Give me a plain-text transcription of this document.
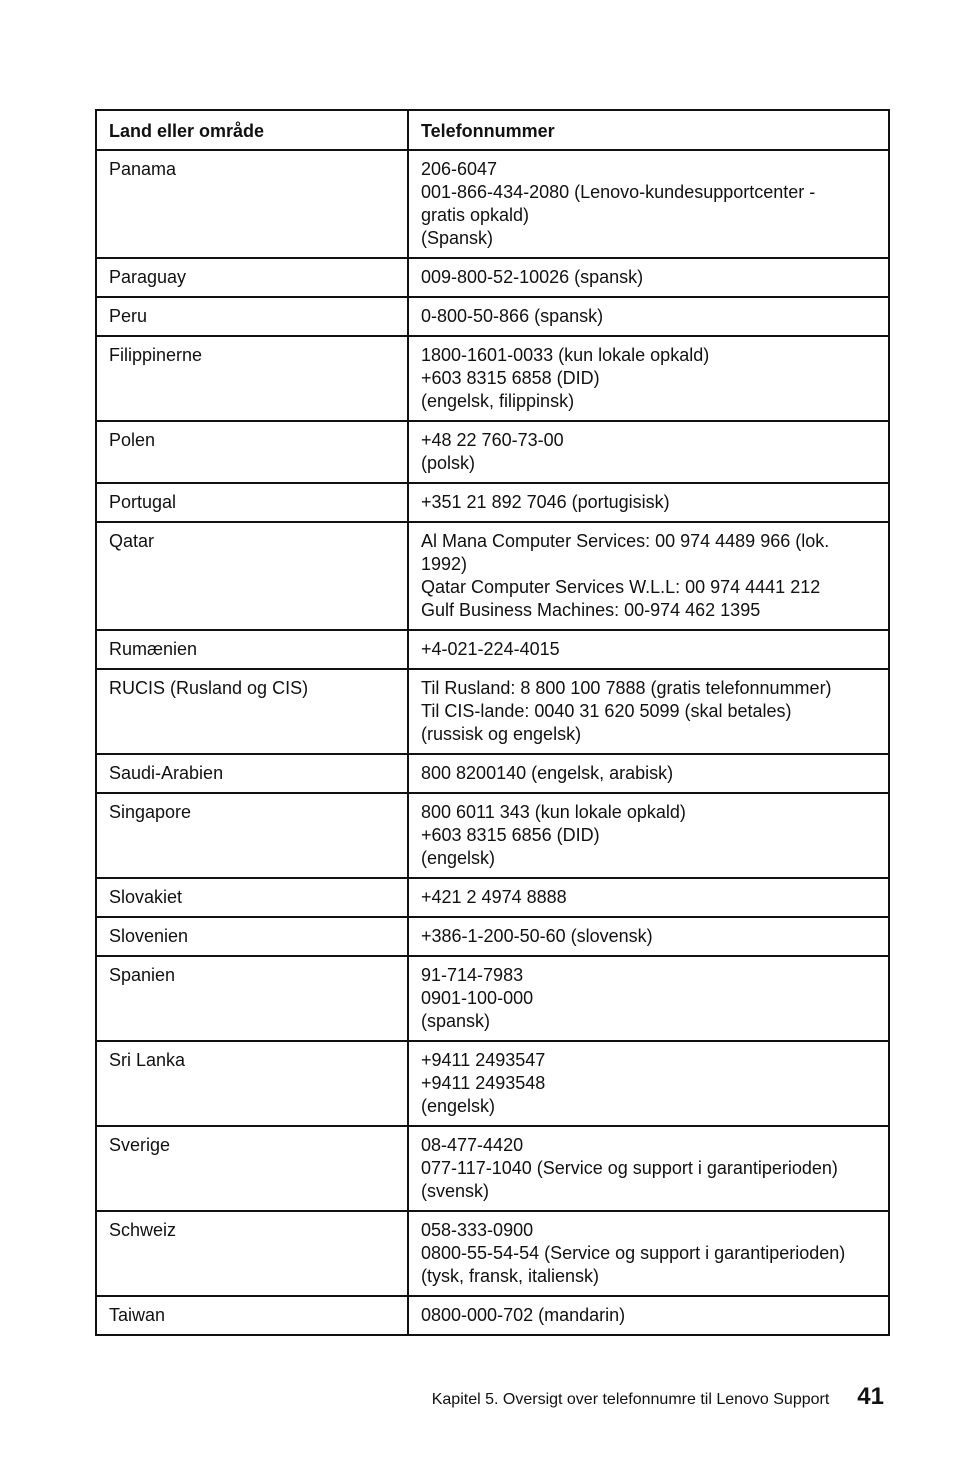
Land eller område	Telefonnummer
Panama	206-6047
001-866-434-2080 (Lenovo-kundesupportcenter -
gratis opkald)
(Spansk)

Paraguay	009-800-52-10026 (spansk)

Peru	0-800-50-866 (spansk)

Filippinerne	1800-1601-0033 (kun lokale opkald)
+603 8315 6858 (DID)
(engelsk, filippinsk)

Polen	+48 22 760-73-00
(polsk)

Portugal	+351 21 892 7046 (portugisisk)

Qatar	Al Mana Computer Services: 00 974 4489 966 (lok.
1992)
Qatar Computer Services W.L.L: 00 974 4441 212
Gulf Business Machines: 00-974 462 1395

Rumænien	+4-021-224-4015

RUCIS (Rusland og CIS)	Til Rusland: 8 800 100 7888 (gratis telefonnummer)
Til CIS-lande: 0040 31 620 5099 (skal betales)
(russisk og engelsk)

Saudi-Arabien	800 8200140 (engelsk, arabisk)

Singapore	800 6011 343 (kun lokale opkald)
+603 8315 6856 (DID)
(engelsk)

Slovakiet	+421 2 4974 8888

Slovenien	+386-1-200-50-60 (slovensk)

Spanien	91-714-7983
0901-100-000
(spansk)

Sri Lanka	+9411 2493547
+9411 2493548
(engelsk)

Sverige	08-477-4420
077-117-1040 (Service og support i garantiperioden)
(svensk)

Schweiz	058-333-0900
0800-55-54-54 (Service og support i garantiperioden)
(tysk, fransk, italiensk)

Taiwan	0800-000-702 (mandarin)
Kapitel 5. Oversigt over telefonnumre til Lenovo Support 41
